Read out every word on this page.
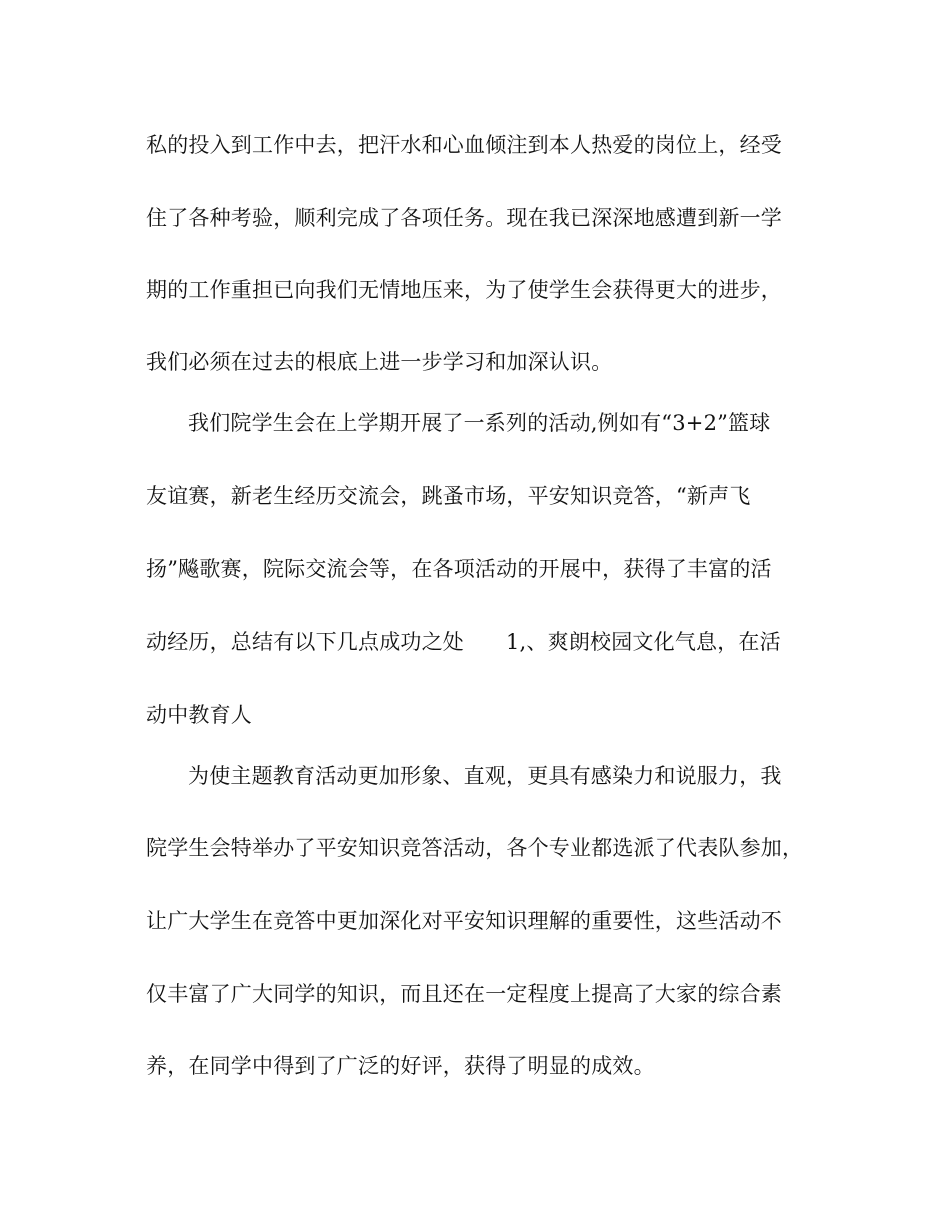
私的投入到工作中去，把汗水和心血倾注到本人热爱的岗位上，经受
住了各种考验，顺利完成了各项任务。现在我已深深地感遭到新一学
期的工作重担已向我们无情地压来，为了使学生会获得更大的进步，
我们必须在过去的根底上进一步学习和加深认识。
我们院学生会在上学期开展了一系列的活动,例如有“3+2”篮球
友谊赛，新老生经历交流会，跳蚤市场，平安知识竞答，“新声飞
扬”飚歌赛，院际交流会等，在各项活动的开展中，获得了丰富的活
动经历，总结有以下几点成功之处 1,、爽朗校园文化气息，在活
动中教育人
为使主题教育活动更加形象、直观，更具有感染力和说服力，我
院学生会特举办了平安知识竞答活动，各个专业都选派了代表队参加，
让广大学生在竞答中更加深化对平安知识理解的重要性，这些活动不
仅丰富了广大同学的知识，而且还在一定程度上提高了大家的综合素
养，在同学中得到了广泛的好评，获得了明显的成效。
